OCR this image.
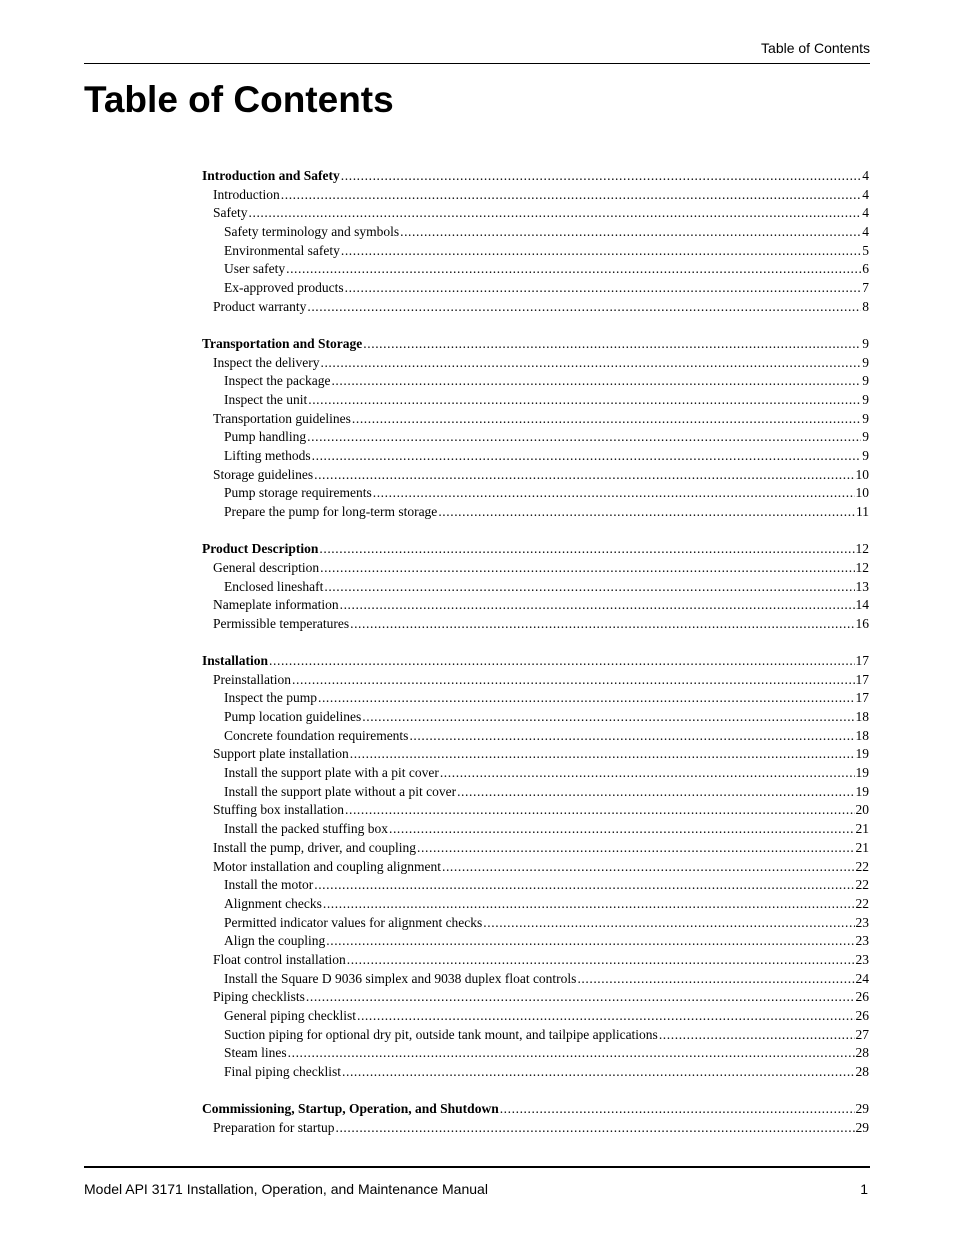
Table of Contents
Table of Contents
Introduction and Safety .....	4
Introduction .....	4
Safety .....	4
Safety terminology and symbols .....	4
Environmental safety .....	5
User safety .....	6
Ex-approved products .....	7
Product warranty .....	8
Transportation and Storage .....	9
Inspect the delivery .....	9
Inspect the package .....	9
Inspect the unit .....	9
Transportation guidelines .....	9
Pump handling .....	9
Lifting methods .....	9
Storage guidelines .....	10
Pump storage requirements .....	10
Prepare the pump for long-term storage .....	11
Product Description .....	12
General description .....	12
Enclosed lineshaft .....	13
Nameplate information .....	14
Permissible temperatures .....	16
Installation .....	17
Preinstallation .....	17
Inspect the pump .....	17
Pump location guidelines .....	18
Concrete foundation requirements .....	18
Support plate installation .....	19
Install the support plate with a pit cover .....	19
Install the support plate without a pit cover .....	19
Stuffing box installation .....	20
Install the packed stuffing box .....	21
Install the pump, driver, and coupling .....	21
Motor installation and coupling alignment .....	22
Install the motor .....	22
Alignment checks .....	22
Permitted indicator values for alignment checks .....	23
Align the coupling .....	23
Float control installation .....	23
Install the Square D 9036 simplex and 9038 duplex float controls .....	24
Piping checklists .....	26
General piping checklist .....	26
Suction piping for optional dry pit, outside tank mount, and tailpipe applications .....	27
Steam lines .....	28
Final piping checklist .....	28
Commissioning, Startup, Operation, and Shutdown .....	29
Preparation for startup .....	29
Model API 3171 Installation, Operation, and Maintenance Manual	1
